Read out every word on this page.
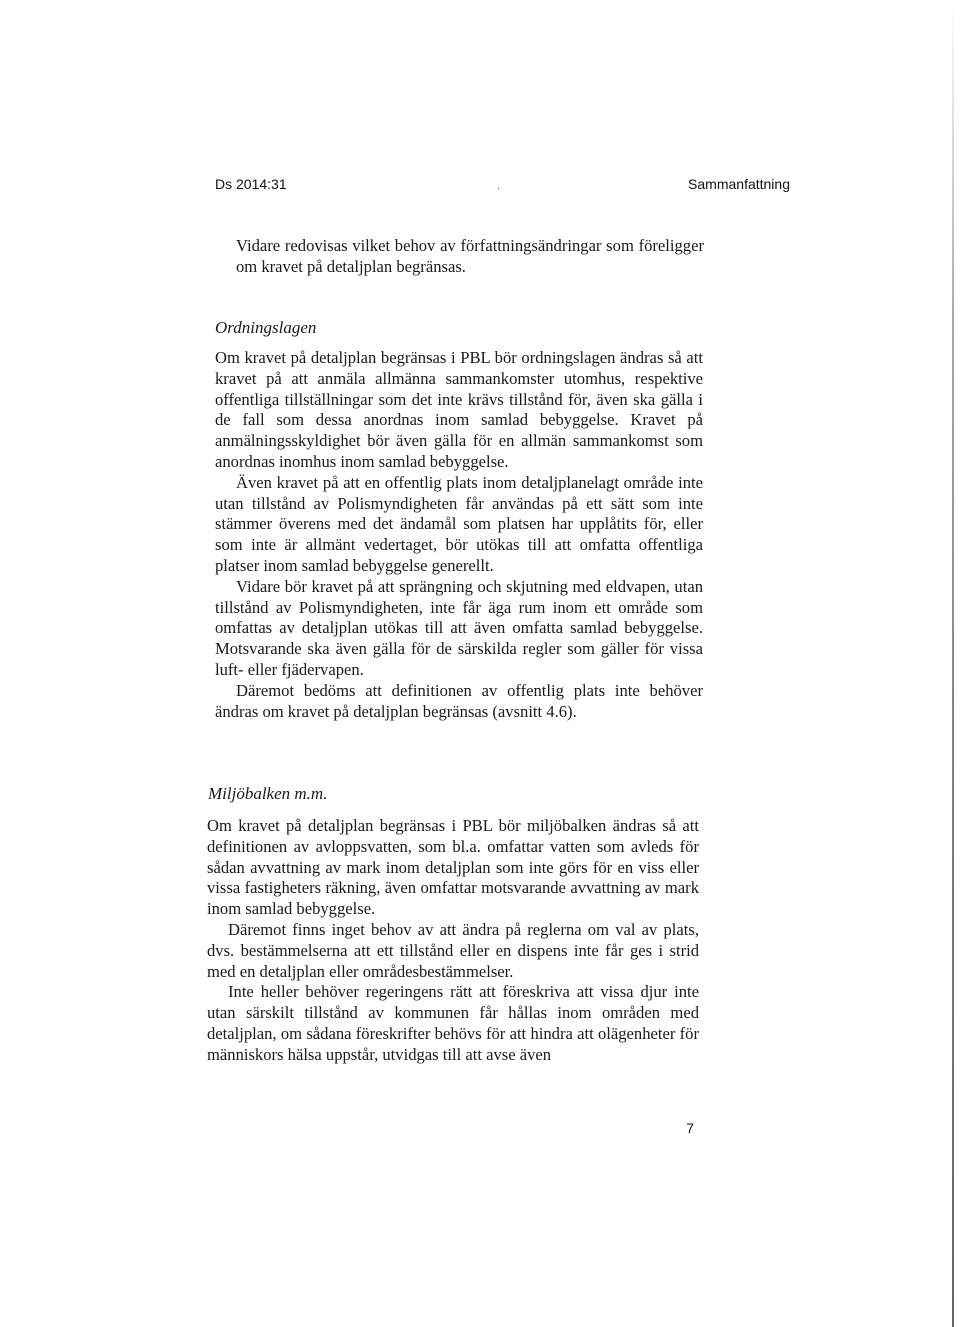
Ds 2014:31	.	Sammanfattning

Vidare redovisas vilket behov av författningsändringar som föreligger om kravet på detaljplan begränsas.

Ordningslagen

Om kravet på detaljplan begränsas i PBL bör ordningslagen ändras så att kravet på att anmäla allmänna sammankomster utomhus, respektive offentliga tillställningar som det inte krävs tillstånd för, även ska gälla i de fall som dessa anordnas inom samlad bebyggelse. Kravet på anmälningsskyldighet bör även gälla för en allmän sammankomst som anordnas inomhus inom samlad bebyggelse.

Även kravet på att en offentlig plats inom detaljplanelagt område inte utan tillstånd av Polismyndigheten får användas på ett sätt som inte stämmer överens med det ändamål som platsen har upplåtits för, eller som inte är allmänt vedertaget, bör utökas till att omfatta offentliga platser inom samlad bebyggelse generellt.

Vidare bör kravet på att sprängning och skjutning med eldvapen, utan tillstånd av Polismyndigheten, inte får äga rum inom ett område som omfattas av detaljplan utökas till att även omfatta samlad bebyggelse. Motsvarande ska även gälla för de särskilda regler som gäller för vissa luft- eller fjädervapen.

Däremot bedöms att definitionen av offentlig plats inte behöver ändras om kravet på detaljplan begränsas (avsnitt 4.6).

Miljöbalken m.m.

Om kravet på detaljplan begränsas i PBL bör miljöbalken ändras så att definitionen av avloppsvatten, som bl.a. omfattar vatten som avleds för sådan avvattning av mark inom detaljplan som inte görs för en viss eller vissa fastigheters räkning, även omfattar motsvarande avvattning av mark inom samlad bebyggelse.

Däremot finns inget behov av att ändra på reglerna om val av plats, dvs. bestämmelserna att ett tillstånd eller en dispens inte får ges i strid med en detaljplan eller områdesbestämmelser.

Inte heller behöver regeringens rätt att föreskriva att vissa djur inte utan särskilt tillstånd av kommunen får hållas inom områden med detaljplan, om sådana föreskrifter behövs för att hindra att olägenheter för människors hälsa uppstår, utvidgas till att avse även

7
